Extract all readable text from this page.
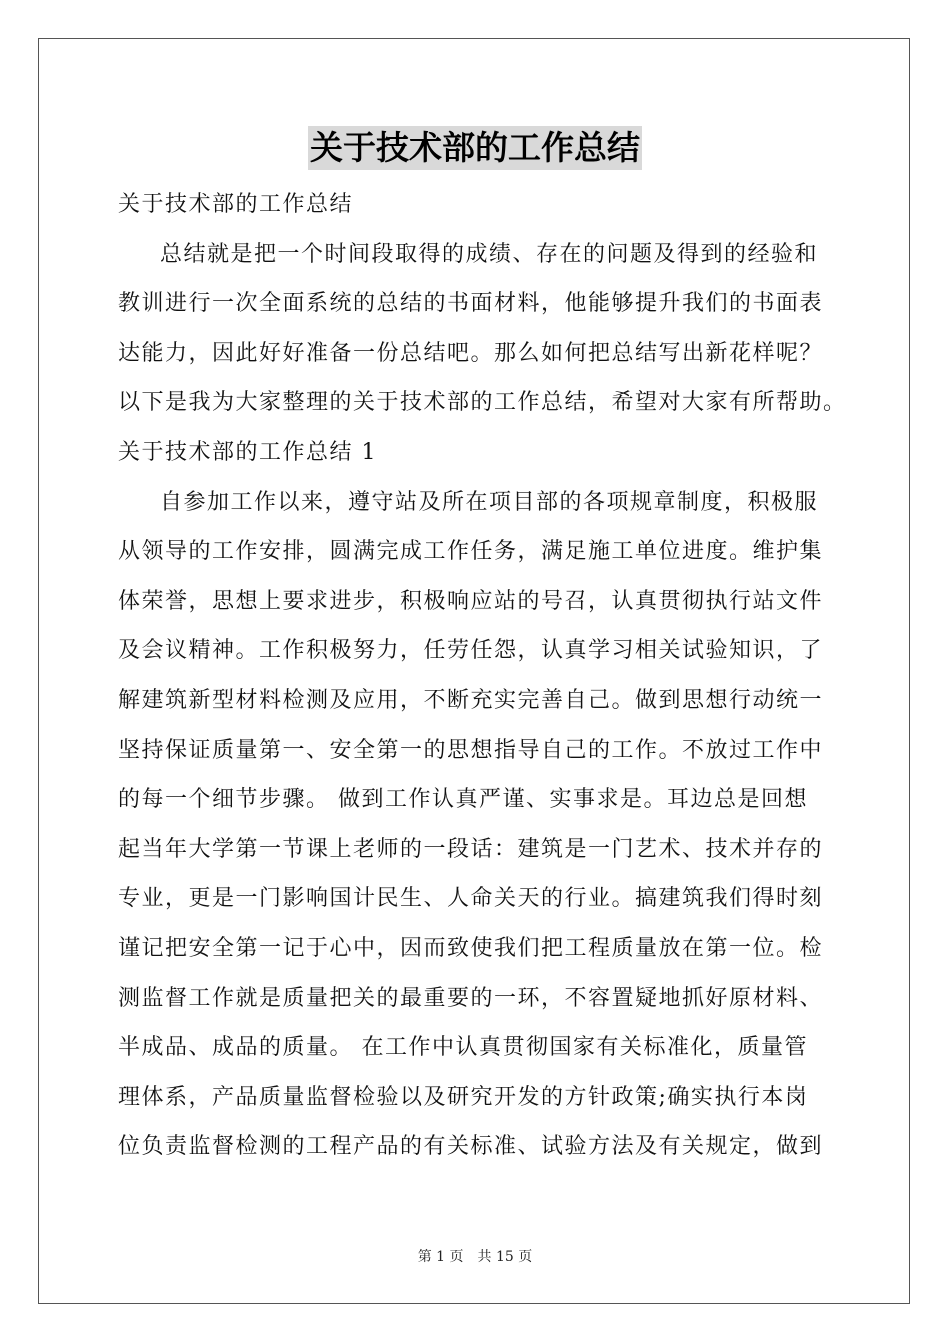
关于技术部的工作总结
关于技术部的工作总结
总结就是把一个时间段取得的成绩、存在的问题及得到的经验和
教训进行一次全面系统的总结的书面材料，他能够提升我们的书面表
达能力，因此好好准备一份总结吧。那么如何把总结写出新花样呢？
以下是我为大家整理的关于技术部的工作总结，希望对大家有所帮助。
关于技术部的工作总结 1
自参加工作以来，遵守站及所在项目部的各项规章制度，积极服
从领导的工作安排，圆满完成工作任务，满足施工单位进度。维护集
体荣誉，思想上要求进步，积极响应站的号召，认真贯彻执行站文件
及会议精神。工作积极努力，任劳任怨，认真学习相关试验知识，了
解建筑新型材料检测及应用，不断充实完善自己。做到思想行动统一
坚持保证质量第一、安全第一的思想指导自己的工作。不放过工作中
的每一个细节步骤。 做到工作认真严谨、实事求是。耳边总是回想
起当年大学第一节课上老师的一段话：建筑是一门艺术、技术并存的
专业，更是一门影响国计民生、人命关天的行业。搞建筑我们得时刻
谨记把安全第一记于心中，因而致使我们把工程质量放在第一位。检
测监督工作就是质量把关的最重要的一环，不容置疑地抓好原材料、
半成品、成品的质量。 在工作中认真贯彻国家有关标准化，质量管
理体系，产品质量监督检验以及研究开发的方针政策;确实执行本岗
位负责监督检测的工程产品的有关标准、试验方法及有关规定，做到
第 1 页 共 15 页
